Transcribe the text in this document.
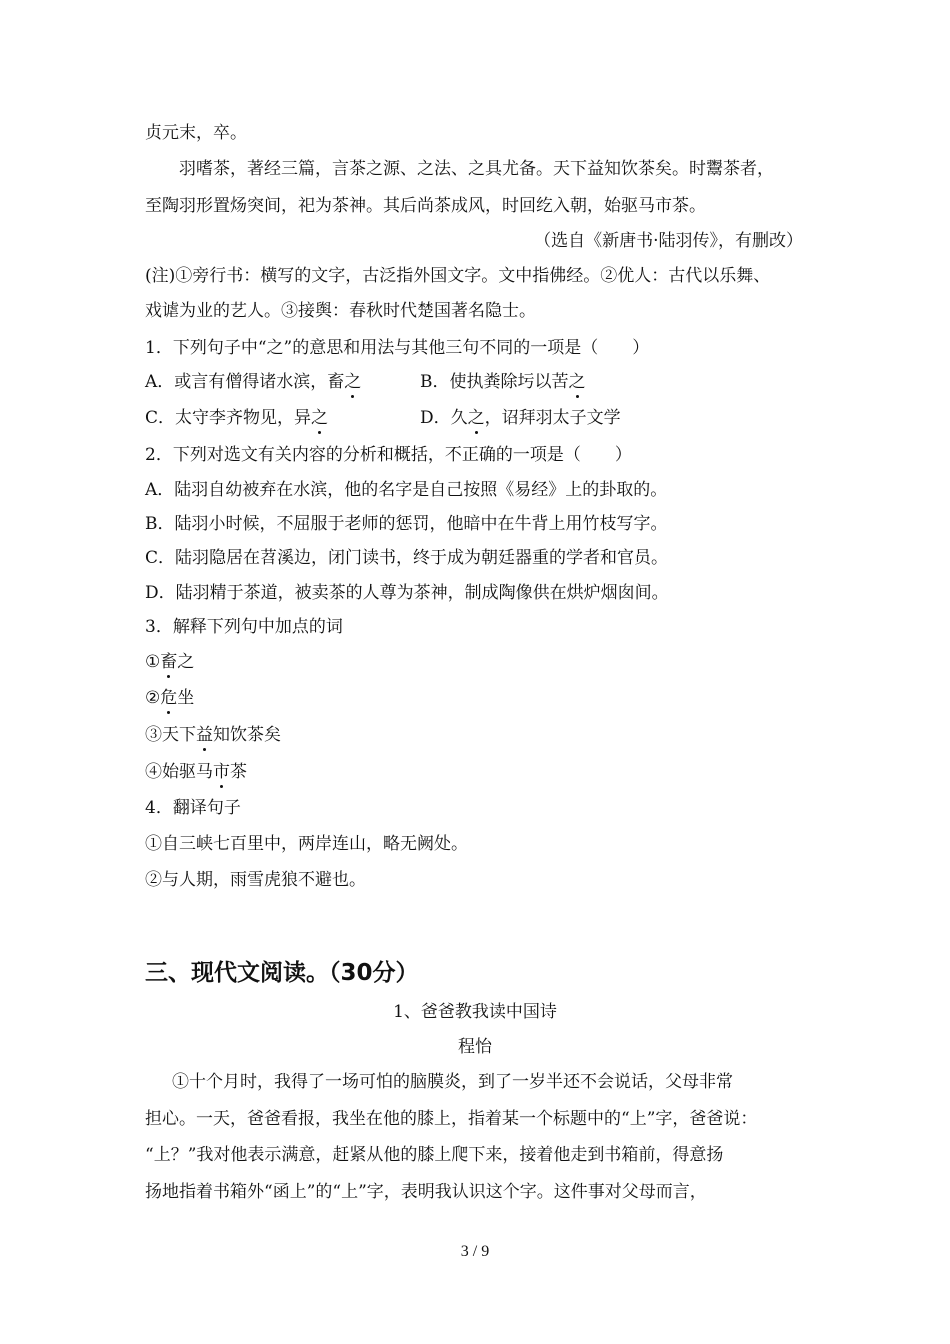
贞元末，卒。
羽嗜茶，著经三篇，言茶之源、之法、之具尤备。天下益知饮茶矣。时鬻茶者，
至陶羽形置炀突间，祀为茶神。其后尚茶成风，时回纥入朝，始驱马市茶。
（选自《新唐书·陆羽传》，有删改）
(注)①旁行书：横写的文字，古泛指外国文字。文中指佛经。②优人：古代以乐舞、
戏谑为业的艺人。③接舆：春秋时代楚国著名隐士。
1．下列句子中“之”的意思和用法与其他三句不同的一项是（　　）
A．或言有僧得诸水滨，畜之	B．使执粪除圬以苦之
C．太守李齐物见，异之	D．久之，诏拜羽太子文学
2．下列对选文有关内容的分析和概括，不正确的一项是（　　）
A．陆羽自幼被弃在水滨，他的名字是自己按照《易经》上的卦取的。
B．陆羽小时候，不屈服于老师的惩罚，他暗中在牛背上用竹枝写字。
C．陆羽隐居在苕溪边，闭门读书，终于成为朝廷器重的学者和官员。
D．陆羽精于茶道，被卖茶的人尊为茶神，制成陶像供在烘炉烟囱间。
3．解释下列句中加点的词
①畜之
②危坐
③天下益知饮茶矣
④始驱马市茶
4．翻译句子
①自三峡七百里中，两岸连山，略无阙处。
②与人期，雨雪虎狼不避也。
三、现代文阅读。（30分）
1、爸爸教我读中国诗
程怡
①十个月时，我得了一场可怕的脑膜炎，到了一岁半还不会说话，父母非常
担心。一天，爸爸看报，我坐在他的膝上，指着某一个标题中的“上”字，爸爸说：
“上？”我对他表示满意，赶紧从他的膝上爬下来，接着他走到书箱前，得意扬
扬地指着书箱外“函上”的“上”字，表明我认识这个字。这件事对父母而言，
3 / 9
